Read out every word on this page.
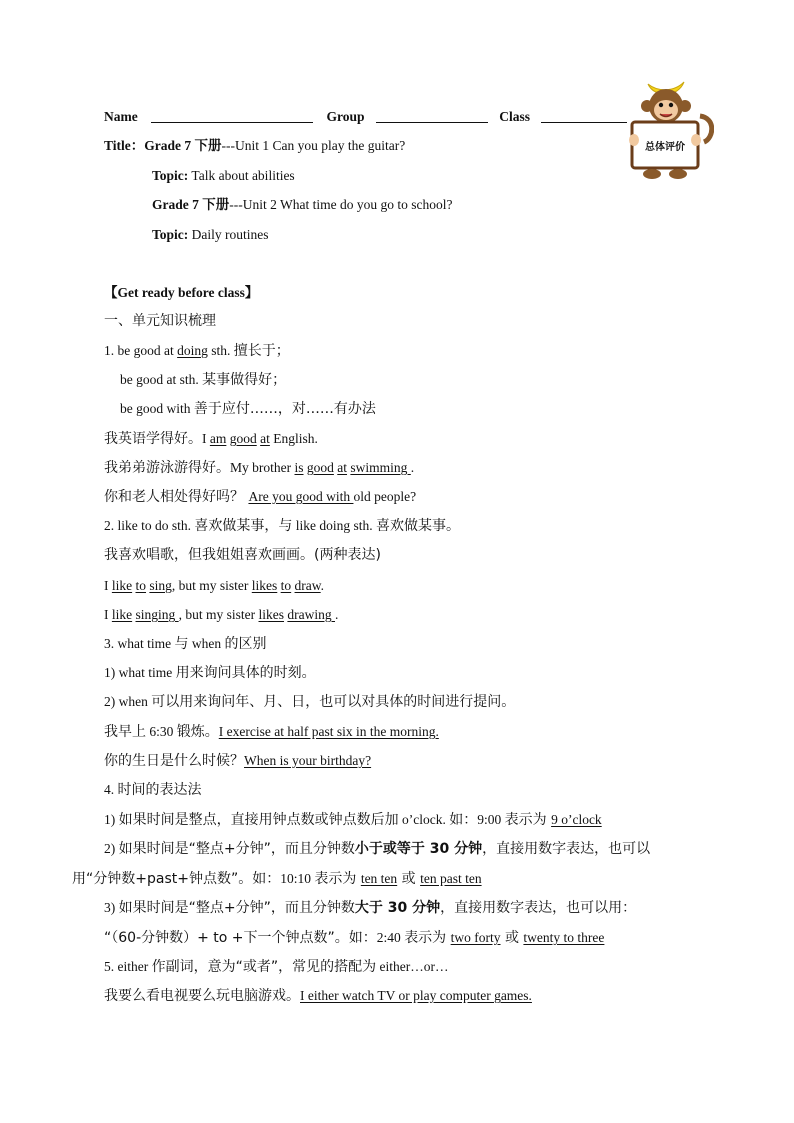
总体评价
Name	Group	Class
Title：Grade 7 下册---Unit 1 Can you play the guitar?
Topic: Talk about abilities
Grade 7 下册---Unit 2 What time do you go to school?
Topic: Daily routines
【Get ready before class】
一、单元知识梳理
1. be good at doing sth. 擅长于；
be good at sth. 某事做得好；
be good with 善于应付……，对……有办法
我英语学得好。I am good at English.
我弟弟游泳游得好。My brother is good at swimming .
你和老人相处得好吗？ Are you good with old people?
2. like to do sth. 喜欢做某事，与 like doing sth. 喜欢做某事。
我喜欢唱歌，但我姐姐喜欢画画。(两种表达)
I like to sing, but my sister likes to draw.
I like singing , but my sister likes drawing .
3. what time 与 when 的区别
1) what time 用来询问具体的时刻。
2) when 可以用来询问年、月、日，也可以对具体的时间进行提问。
我早上 6:30 锻炼。I exercise at half past six in the morning.
你的生日是什么时候？When is your birthday?
4. 时间的表达法
1) 如果时间是整点，直接用钟点数或钟点数后加 o’clock. 如：9:00 表示为 9 o’clock
2) 如果时间是“整点+分钟”，而且分钟数小于或等于 30 分钟，直接用数字表达，也可以
用“分钟数+past+钟点数”。如：10:10 表示为 ten ten 或 ten past ten
3) 如果时间是“整点+分钟”，而且分钟数大于 30 分钟，直接用数字表达，也可以用：
“（60-分钟数）+ to +下一个钟点数”。如：2:40 表示为 two forty 或 twenty to three
5. either 作副词，意为“或者”，常见的搭配为 either…or…
我要么看电视要么玩电脑游戏。I either watch TV or play computer games.
